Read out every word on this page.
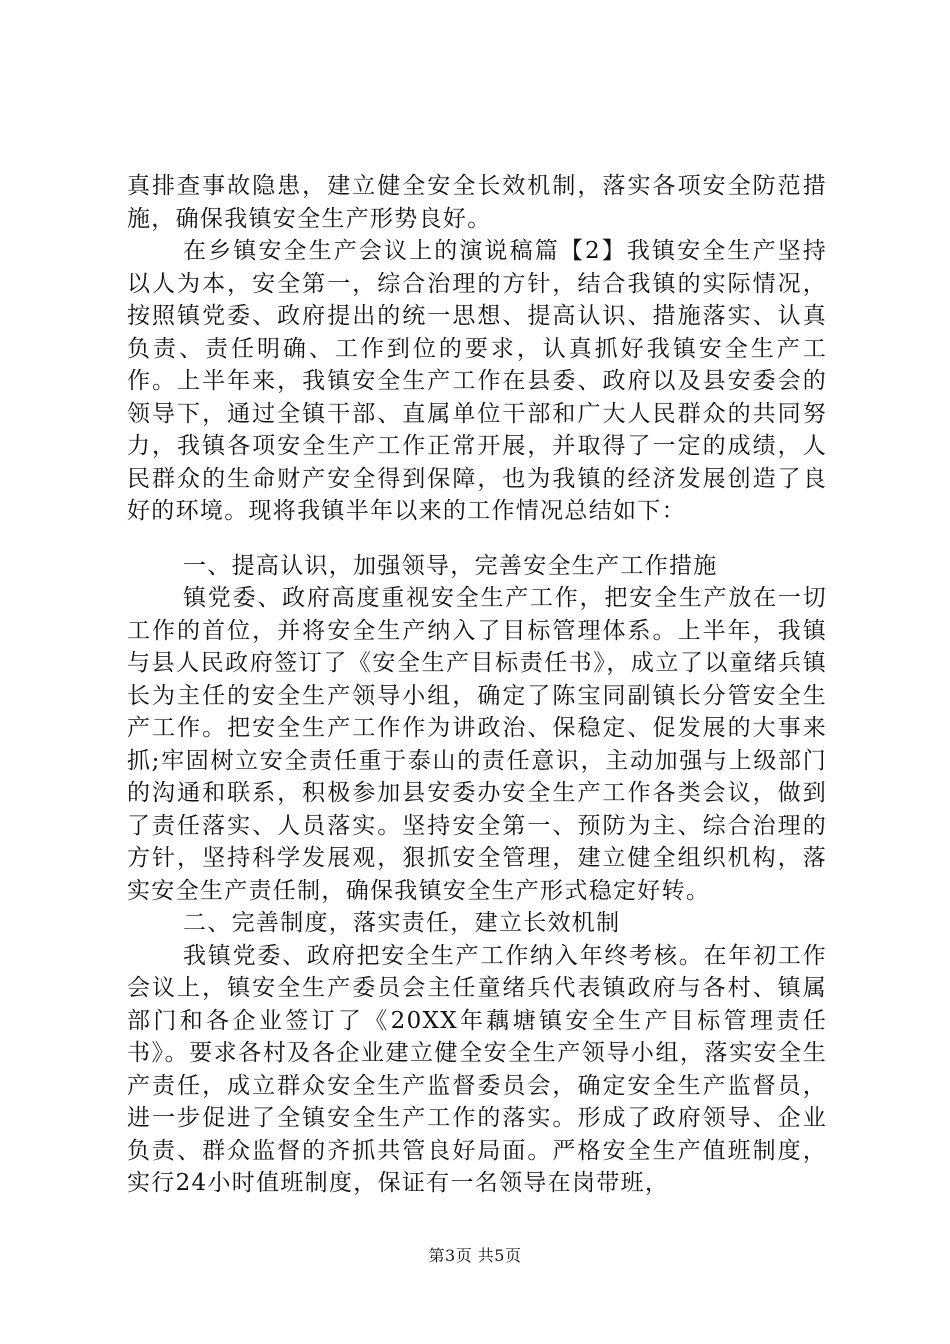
真排查事故隐患，建立健全安全长效机制，落实各项安全防范措施，确保我镇安全生产形势良好。

在乡镇安全生产会议上的演说稿篇【2】我镇安全生产坚持以人为本，安全第一，综合治理的方针，结合我镇的实际情况，按照镇党委、政府提出的统一思想、提高认识、措施落实、认真负责、责任明确、工作到位的要求，认真抓好我镇安全生产工作。上半年来，我镇安全生产工作在县委、政府以及县安委会的领导下，通过全镇干部、直属单位干部和广大人民群众的共同努力，我镇各项安全生产工作正常开展，并取得了一定的成绩，人民群众的生命财产安全得到保障，也为我镇的经济发展创造了良好的环境。现将我镇半年以来的工作情况总结如下：

一、提高认识，加强领导，完善安全生产工作措施

镇党委、政府高度重视安全生产工作，把安全生产放在一切工作的首位，并将安全生产纳入了目标管理体系。上半年，我镇与县人民政府签订了《安全生产目标责任书》，成立了以童绪兵镇长为主任的安全生产领导小组，确定了陈宝同副镇长分管安全生产工作。把安全生产工作作为讲政治、保稳定、促发展的大事来抓;牢固树立安全责任重于泰山的责任意识，主动加强与上级部门的沟通和联系，积极参加县安委办安全生产工作各类会议，做到了责任落实、人员落实。坚持安全第一、预防为主、综合治理的方针，坚持科学发展观，狠抓安全管理，建立健全组织机构，落实安全生产责任制，确保我镇安全生产形式稳定好转。

二、完善制度，落实责任，建立长效机制

我镇党委、政府把安全生产工作纳入年终考核。在年初工作会议上，镇安全生产委员会主任童绪兵代表镇政府与各村、镇属部门和各企业签订了《20XX年藕塘镇安全生产目标管理责任书》。要求各村及各企业建立健全安全生产领导小组，落实安全生产责任，成立群众安全生产监督委员会，确定安全生产监督员，进一步促进了全镇安全生产工作的落实。形成了政府领导、企业负责、群众监督的齐抓共管良好局面。严格安全生产值班制度，实行24小时值班制度，保证有一名领导在岗带班，

第3页 共5页
